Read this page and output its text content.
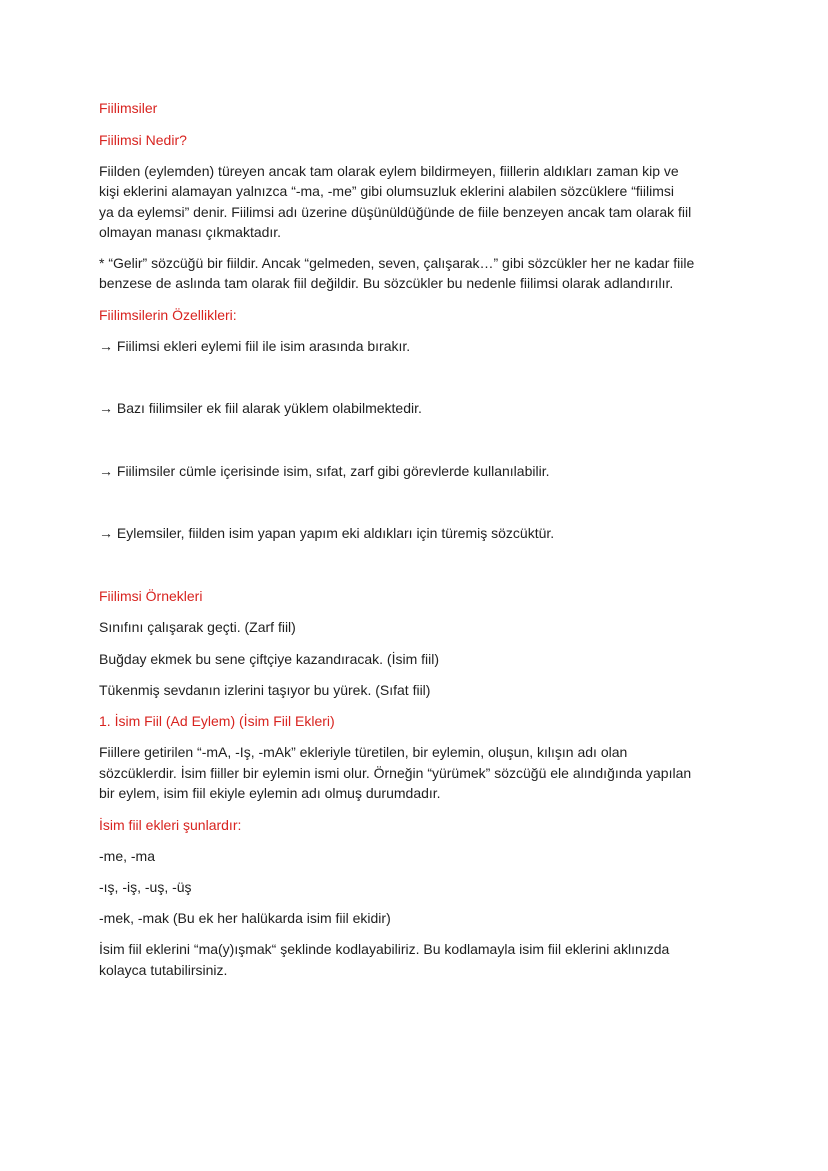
Fiilimsiler
Fiilimsi Nedir?
Fiilden (eylemden) türeyen ancak tam olarak eylem bildirmeyen, fiillerin aldıkları zaman kip ve
kişi eklerini alamayan yalnızca “-ma, -me” gibi olumsuzluk eklerini alabilen sözcüklere “fiilimsi
ya da eylemsi” denir. Fiilimsi adı üzerine düşünüldüğünde de fiile benzeyen ancak tam olarak fiil
olmayan manası çıkmaktadır.
* “Gelir” sözcüğü bir fiildir. Ancak “gelmeden, seven, çalışarak…” gibi sözcükler her ne kadar fiile
benzese de aslında tam olarak fiil değildir. Bu sözcükler bu nedenle fiilimsi olarak adlandırılır.
Fiilimsilerin Özellikleri:
→ Fiilimsi ekleri eylemi fiil ile isim arasında bırakır.
→ Bazı fiilimsiler ek fiil alarak yüklem olabilmektedir.
→ Fiilimsiler cümle içerisinde isim, sıfat, zarf gibi görevlerde kullanılabilir.
→ Eylemsiler, fiilden isim yapan yapım eki aldıkları için türemiş sözcüktür.
Fiilimsi Örnekleri
Sınıfını çalışarak geçti. (Zarf fiil)
Buğday ekmek bu sene çiftçiye kazandıracak. (İsim fiil)
Tükenmiş sevdanın izlerini taşıyor bu yürek. (Sıfat fiil)
1. İsim Fiil (Ad Eylem) (İsim Fiil Ekleri)
Fiillere getirilen “-mA, -Iş, -mAk” ekleriyle türetilen, bir eylemin, oluşun, kılışın adı olan
sözcüklerdir. İsim fiiller bir eylemin ismi olur. Örneğin “yürümek” sözcüğü ele alındığında yapılan
bir eylem, isim fiil ekiyle eylemin adı olmuş durumdadır.
İsim fiil ekleri şunlardır:
-me, -ma
-ış, -iş, -uş, -üş
-mek, -mak (Bu ek her halükarda isim fiil ekidir)
İsim fiil eklerini “ma(y)ışmak“ şeklinde kodlayabiliriz. Bu kodlamayla isim fiil eklerini aklınızda
kolayca tutabilirsiniz.
